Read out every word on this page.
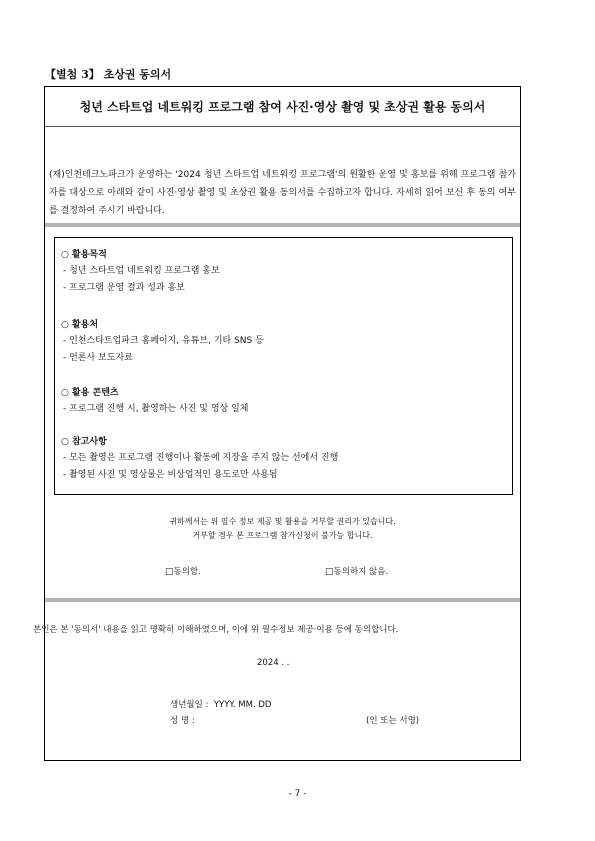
【별첨 3】 초상권 동의서
청년 스타트업 네트워킹 프로그램 참여 사진·영상 촬영 및 초상권 활용 동의서
(재)인천테크노파크가 운영하는 '2024 청년 스타트업 네트워킹 프로그램'의 원활한 운영 및 홍보를 위해 프로그램 참가자를 대상으로 아래와 같이 사진·영상 촬영 및 초상권 활용 동의서를 수집하고자 합니다. 자세히 읽어 보신 후 동의 여부를 결정하여 주시기 바랍니다.
○ 활용목적
- 청년 스타트업 네트워킹 프로그램 홍보
- 프로그램 운영 결과 성과 홍보
○ 활용처
- 인천스타트업파크 홈페이지, 유튜브, 기타 SNS 등
- 언론사 보도자료
○ 활용 콘텐츠
- 프로그램 진행 시, 촬영하는 사진 및 영상 일체
○ 참고사항
- 모든 촬영은 프로그램 진행이나 활동에 지장을 주지 않는 선에서 진행
- 촬영된 사진 및 영상물은 비상업적인 용도로만 사용됨
귀하께서는 위 필수 정보 제공 및 활용을 거부할 권리가 있습니다.
거부할 경우 본 프로그램 참가신청이 불가능 합니다.
□동의함.	□동의하지 않음.
본인은 본 '동의서' 내용을 읽고 명확히 이해하였으며, 이에 위 필수정보 제공·이용 등에 동의합니다.
2024 . .
생년월일 : YYYY. MM. DD
성 명 :	(인 또는 서명)
- 7 -
